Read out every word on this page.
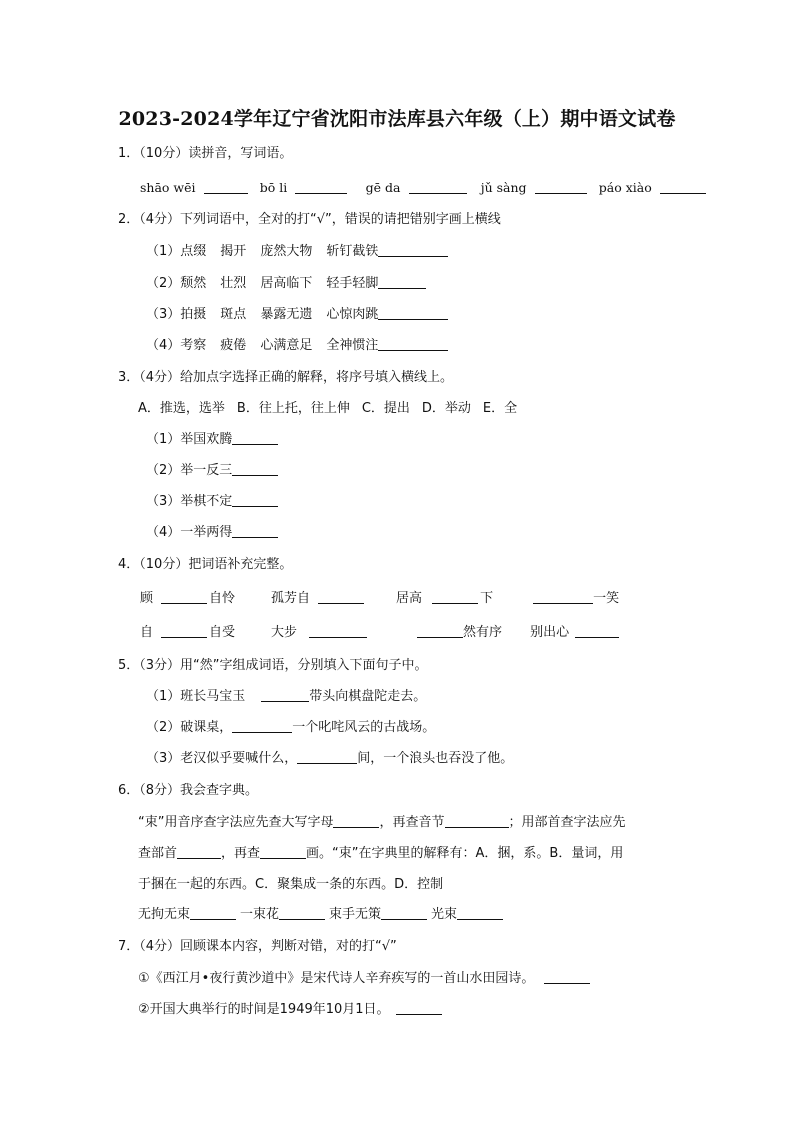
2023-2024学年辽宁省沈阳市法库县六年级（上）期中语文试卷
1．（10分）读拼音，写词语。
shāo wēi	bō li	gē da	jǔ sàng	páo xiào
2．（4分）下列词语中，全对的打“√”，错误的请把错别字画上横线
（1）点缀 揭开 庞然大物 斩钉截铁
（2）颓然 壮烈 居高临下 轻手轻脚
（3）拍摄 斑点 暴露无遗 心惊肉跳
（4）考察 疲倦 心满意足 全神惯注
3．（4分）给加点字选择正确的解释，将序号填入横线上。
A．推选，选举 B．往上托，往上伸 C．提出 D．举动 E．全
（1）举国欢腾
（2）举一反三
（3）举棋不定
（4）一举两得
4．（10分）把词语补充完整。
顾	自怜	孤芳自	居高	下	一笑
自	自受	大步	然有序 别出心
5．（3分）用“然”字组成词语，分别填入下面句子中。
（1）班长马宝玉	带头向棋盘陀走去。
（2）破课桌，	一个叱咤风云的古战场。
（3）老汉似乎要喊什么，	间，一个浪头也吞没了他。
6．（8分）我会查字典。
“束”用音序查字法应先查大写字母	，再查音节	；用部首查字法应先
查部首	，再查	画。“束”在字典里的解释有：A．捆，系。B．量词，用
于捆在一起的东西。C．聚集成一条的东西。D．控制
无拘无束	一束花	束手无策	光束
7．（4分）回顾课本内容，判断对错，对的打“√”
①《西江月•夜行黄沙道中》是宋代诗人辛弃疾写的一首山水田园诗。
②开国大典举行的时间是1949年10月1日。
